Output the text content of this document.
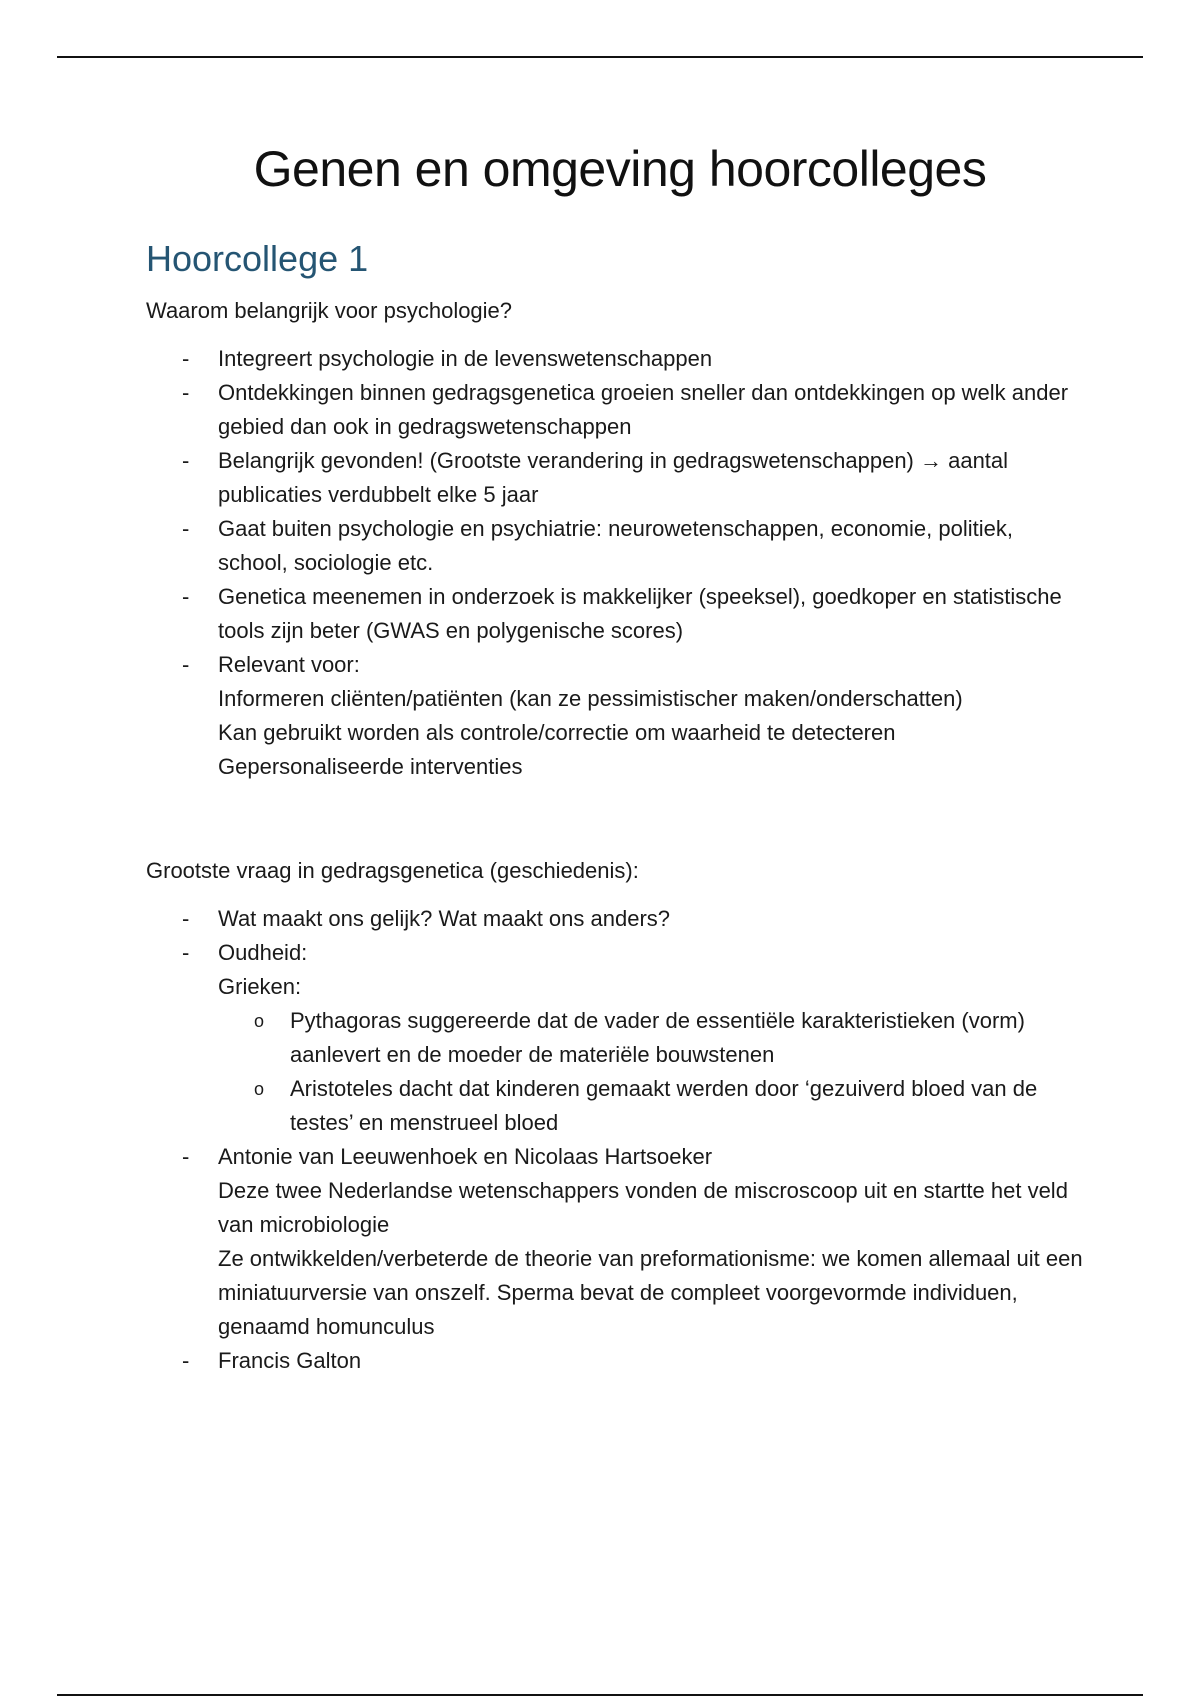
Genen en omgeving hoorcolleges
Hoorcollege 1

Waarom belangrijk voor psychologie?

-	Integreert psychologie in de levenswetenschappen
-	Ontdekkingen binnen gedragsgenetica groeien sneller dan ontdekkingen op welk ander gebied dan ook in gedragswetenschappen
-	Belangrijk gevonden! (Grootste verandering in gedragswetenschappen) → aantal publicaties verdubbelt elke 5 jaar
-	Gaat buiten psychologie en psychiatrie: neurowetenschappen, economie, politiek, school, sociologie etc.
-	Genetica meenemen in onderzoek is makkelijker (speeksel), goedkoper en statistische tools zijn beter (GWAS en polygenische scores)
-	Relevant voor:
Informeren cliënten/patiënten (kan ze pessimistischer maken/onderschatten)
Kan gebruikt worden als controle/correctie om waarheid te detecteren
Gepersonaliseerde interventies

Grootste vraag in gedragsgenetica (geschiedenis):

-	Wat maakt ons gelijk? Wat maakt ons anders?
-	Oudheid:
Grieken:
o	Pythagoras suggereerde dat de vader de essentiële karakteristieken (vorm) aanlevert en de moeder de materiële bouwstenen
o	Aristoteles dacht dat kinderen gemaakt werden door ‘gezuiverd bloed van de testes’ en menstrueel bloed
-	Antonie van Leeuwenhoek en Nicolaas Hartsoeker
Deze twee Nederlandse wetenschappers vonden de miscroscoop uit en startte het veld van microbiologie
Ze ontwikkelden/verbeterde de theorie van preformationisme: we komen allemaal uit een miniatuurversie van onszelf. Sperma bevat de compleet voorgevormde individuen, genaamd homunculus
-	Francis Galton
